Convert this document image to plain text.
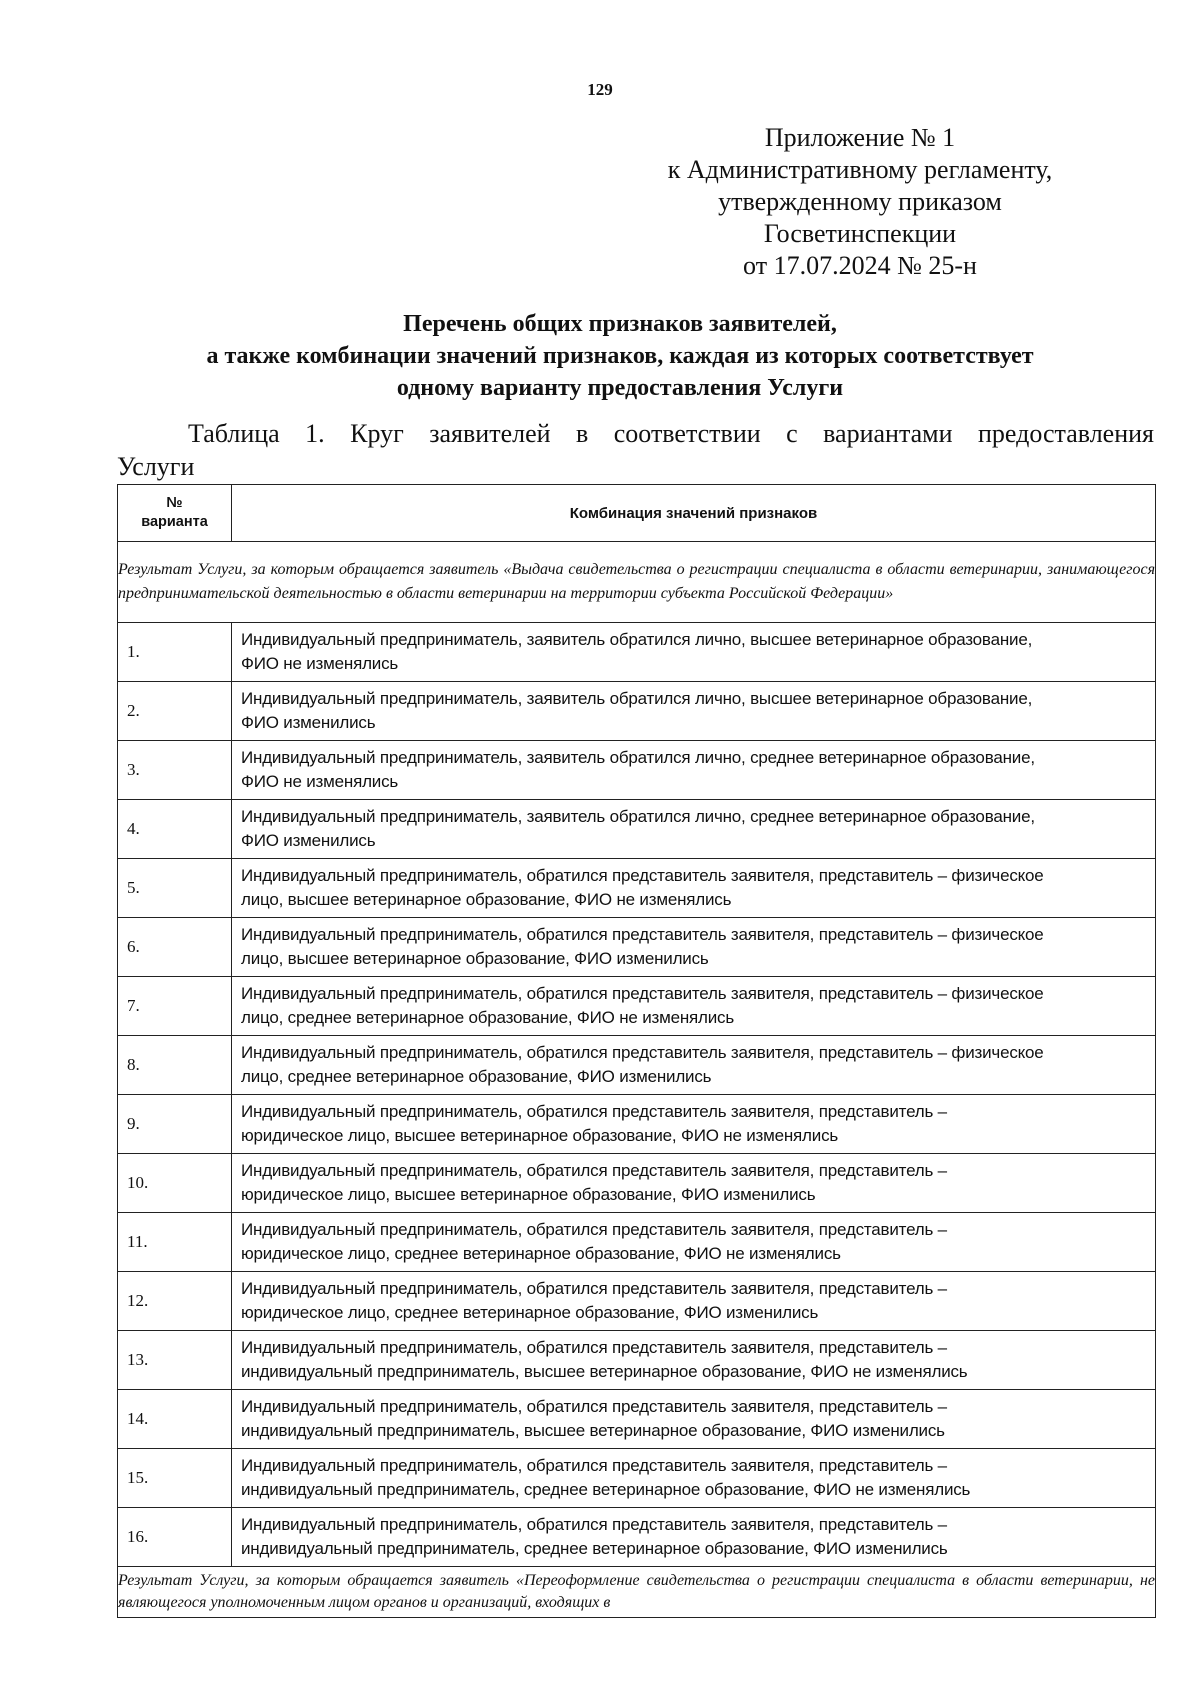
129
Приложение № 1
к Административному регламенту,
утвержденному приказом
Госветинспекции
от 17.07.2024 № 25-н
Перечень общих признаков заявителей,
а также комбинации значений признаков, каждая из которых соответствует
одному варианту предоставления Услуги
Таблица 1. Круг заявителей в соответствии с вариантами предоставления
Услуги
№
варианта	Комбинация значений признаков
Результат Услуги, за которым обращается заявитель «Выдача свидетельства о регистрации специалиста в области ветеринарии, занимающегося предпринимательской деятельностью в области ветеринарии на территории субъекта Российской Федерации»	
1.	Индивидуальный предприниматель, заявитель обратился лично, высшее ветеринарное образование,
ФИО не изменялись

2.	Индивидуальный предприниматель, заявитель обратился лично, высшее ветеринарное образование,
ФИО изменились

3.	Индивидуальный предприниматель, заявитель обратился лично, среднее ветеринарное образование,
ФИО не изменялись

4.	Индивидуальный предприниматель, заявитель обратился лично, среднее ветеринарное образование,
ФИО изменились

5.	Индивидуальный предприниматель, обратился представитель заявителя, представитель – физическое
лицо, высшее ветеринарное образование, ФИО не изменялись

6.	Индивидуальный предприниматель, обратился представитель заявителя, представитель – физическое
лицо, высшее ветеринарное образование, ФИО изменились

7.	Индивидуальный предприниматель, обратился представитель заявителя, представитель – физическое
лицо, среднее ветеринарное образование, ФИО не изменялись

8.	Индивидуальный предприниматель, обратился представитель заявителя, представитель – физическое
лицо, среднее ветеринарное образование, ФИО изменились

9.	Индивидуальный предприниматель, обратился представитель заявителя, представитель –
юридическое лицо, высшее ветеринарное образование, ФИО не изменялись

10.	Индивидуальный предприниматель, обратился представитель заявителя, представитель –
юридическое лицо, высшее ветеринарное образование, ФИО изменились

11.	Индивидуальный предприниматель, обратился представитель заявителя, представитель –
юридическое лицо, среднее ветеринарное образование, ФИО не изменялись

12.	Индивидуальный предприниматель, обратился представитель заявителя, представитель –
юридическое лицо, среднее ветеринарное образование, ФИО изменились

13.	Индивидуальный предприниматель, обратился представитель заявителя, представитель –
индивидуальный предприниматель, высшее ветеринарное образование, ФИО не изменялись

14.	Индивидуальный предприниматель, обратился представитель заявителя, представитель –
индивидуальный предприниматель, высшее ветеринарное образование, ФИО изменились

15.	Индивидуальный предприниматель, обратился представитель заявителя, представитель –
индивидуальный предприниматель, среднее ветеринарное образование, ФИО не изменялись

16.	Индивидуальный предприниматель, обратился представитель заявителя, представитель –
индивидуальный предприниматель, среднее ветеринарное образование, ФИО изменились

Результат Услуги, за которым обращается заявитель «Переоформление свидетельства о регистрации специалиста в области ветеринарии, не являющегося уполномоченным лицом органов и организаций, входящих в	
